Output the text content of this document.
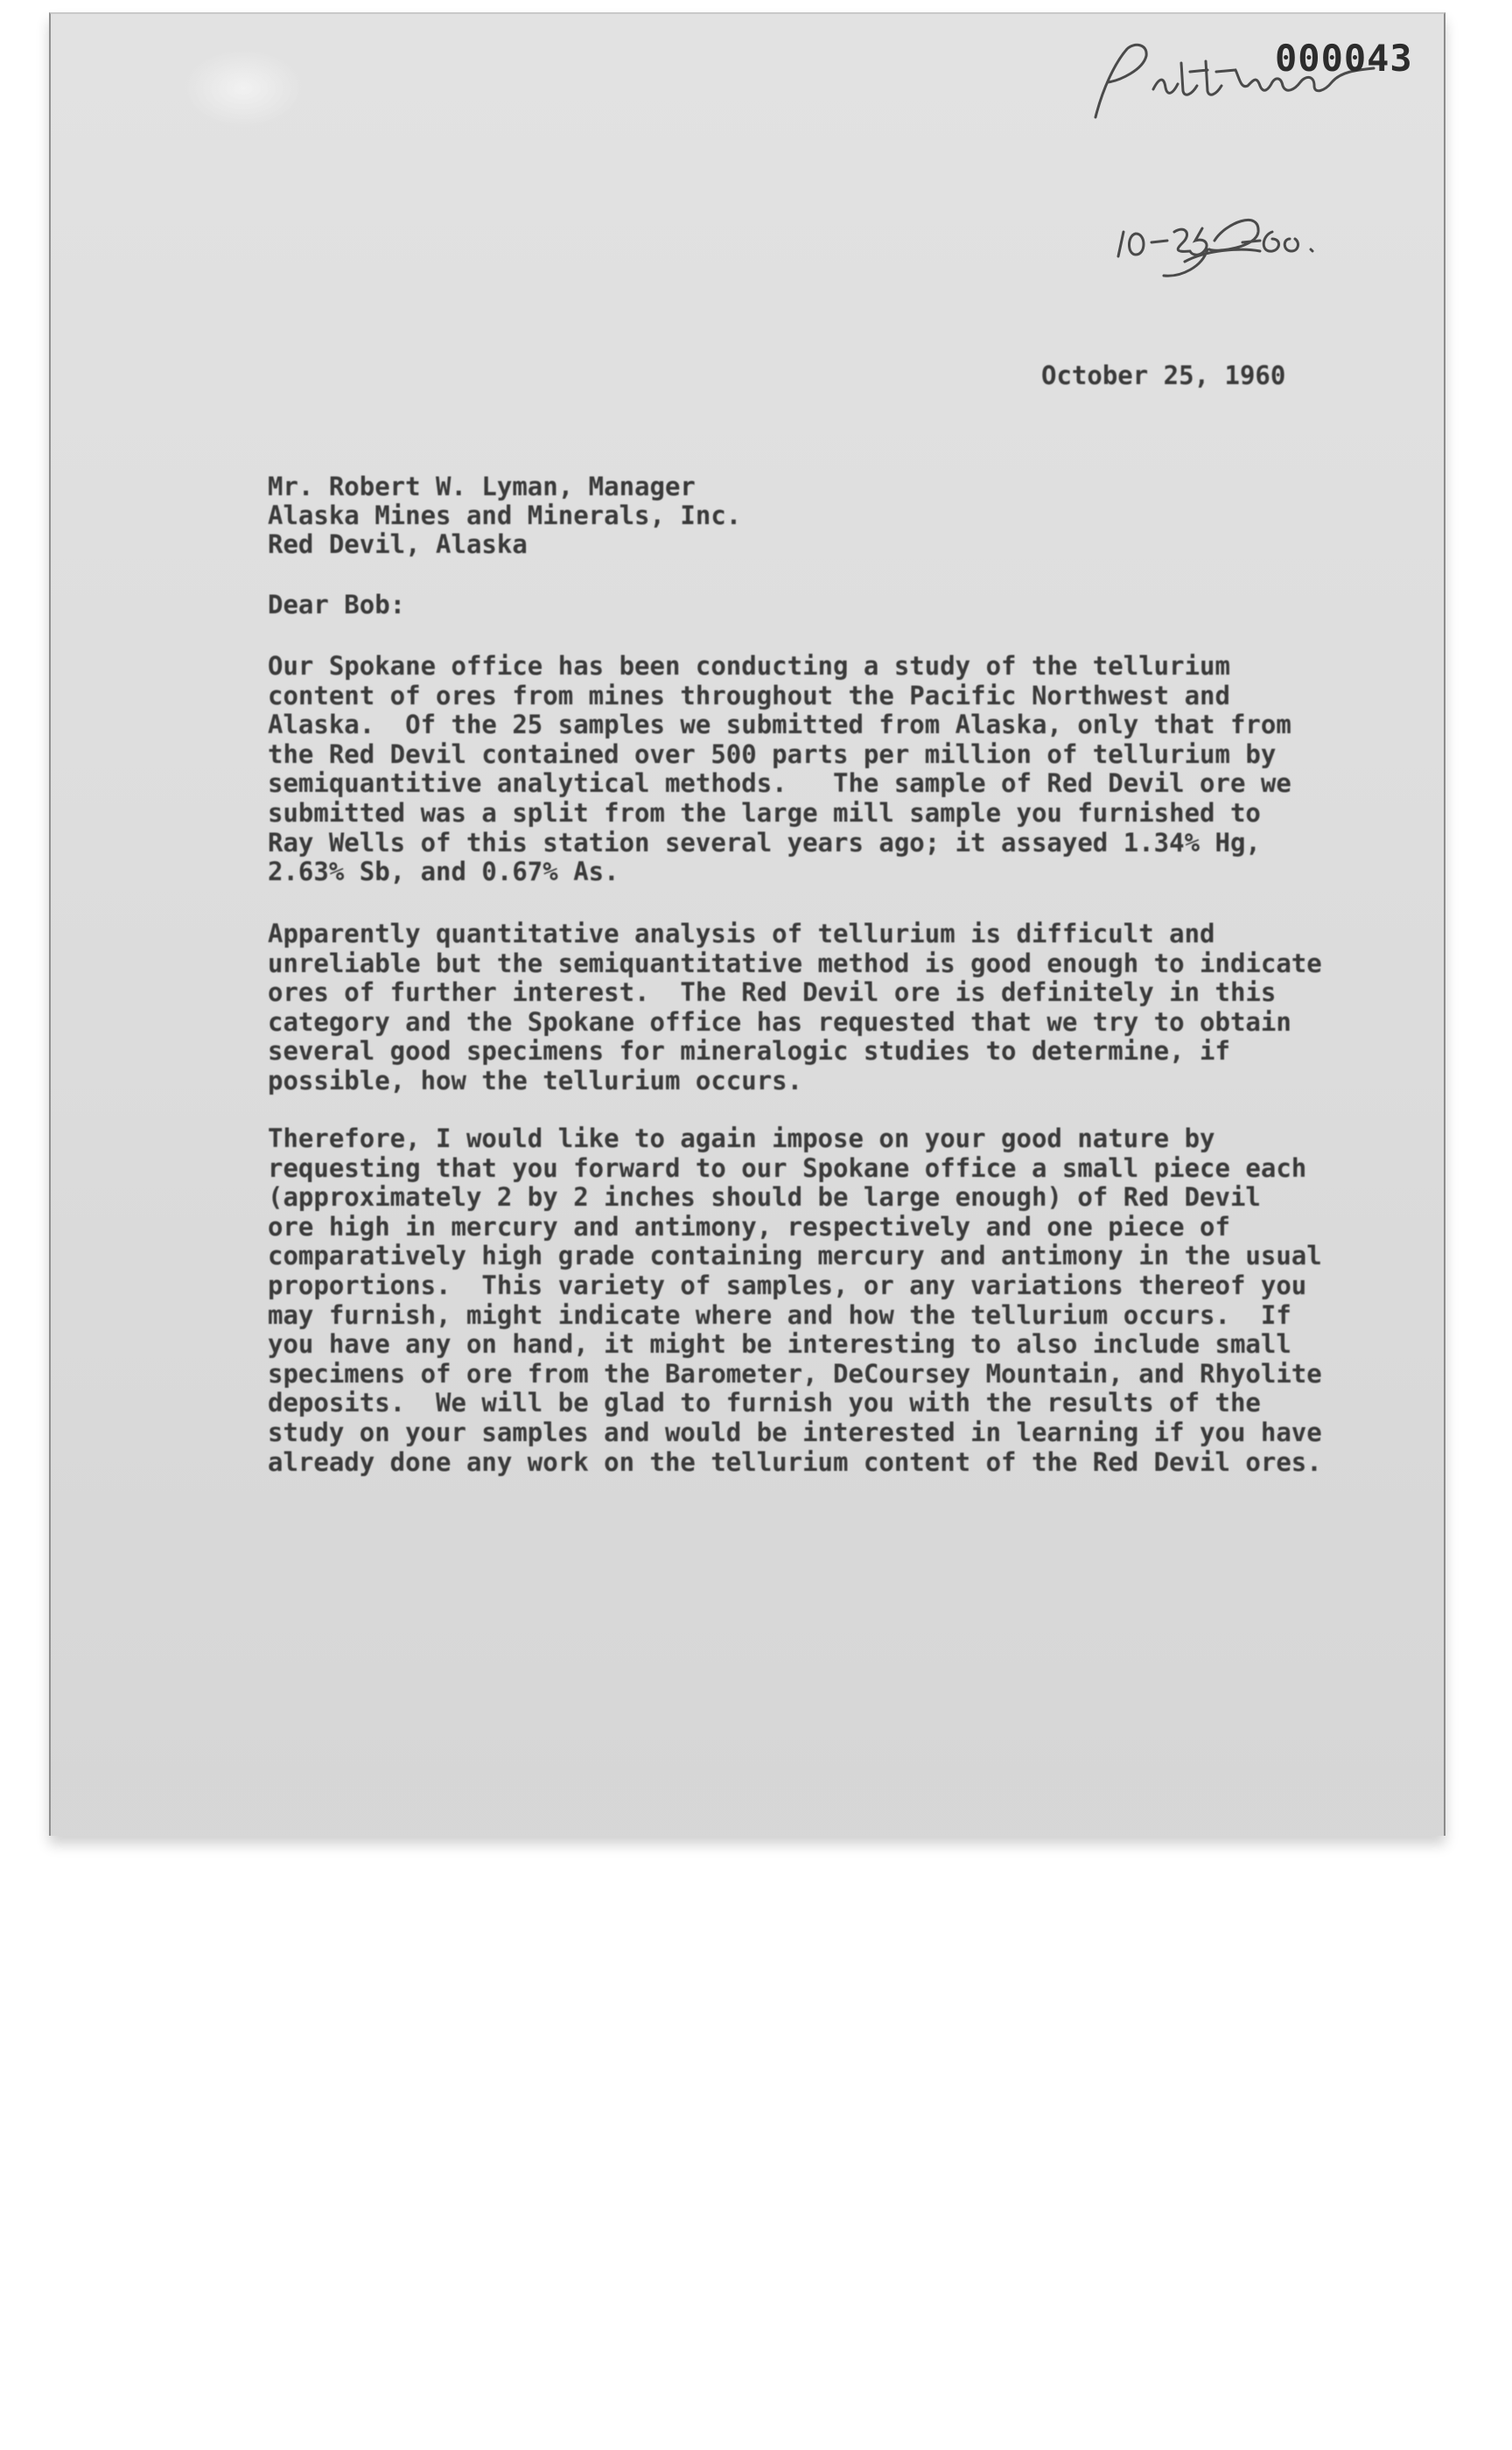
000043
October 25, 1960
Mr. Robert W. Lyman, Manager
Alaska Mines and Minerals, Inc.
Red Devil, Alaska
Dear Bob:
Our Spokane office has been conducting a study of the tellurium
content of ores from mines throughout the Pacific Northwest and
Alaska.  Of the 25 samples we submitted from Alaska, only that from
the Red Devil contained over 500 parts per million of tellurium by
semiquantitive analytical methods.   The sample of Red Devil ore we
submitted was a split from the large mill sample you furnished to
Ray Wells of this station several years ago; it assayed 1.34% Hg,
2.63% Sb, and 0.67% As.
Apparently quantitative analysis of tellurium is difficult and
unreliable but the semiquantitative method is good enough to indicate
ores of further interest.  The Red Devil ore is definitely in this
category and the Spokane office has requested that we try to obtain
several good specimens for mineralogic studies to determine, if
possible, how the tellurium occurs.
Therefore, I would like to again impose on your good nature by
requesting that you forward to our Spokane office a small piece each
(approximately 2 by 2 inches should be large enough) of Red Devil
ore high in mercury and antimony, respectively and one piece of
comparatively high grade containing mercury and antimony in the usual
proportions.  This variety of samples, or any variations thereof you
may furnish, might indicate where and how the tellurium occurs.  If
you have any on hand, it might be interesting to also include small
specimens of ore from the Barometer, DeCoursey Mountain, and Rhyolite
deposits.  We will be glad to furnish you with the results of the
study on your samples and would be interested in learning if you have
already done any work on the tellurium content of the Red Devil ores.
